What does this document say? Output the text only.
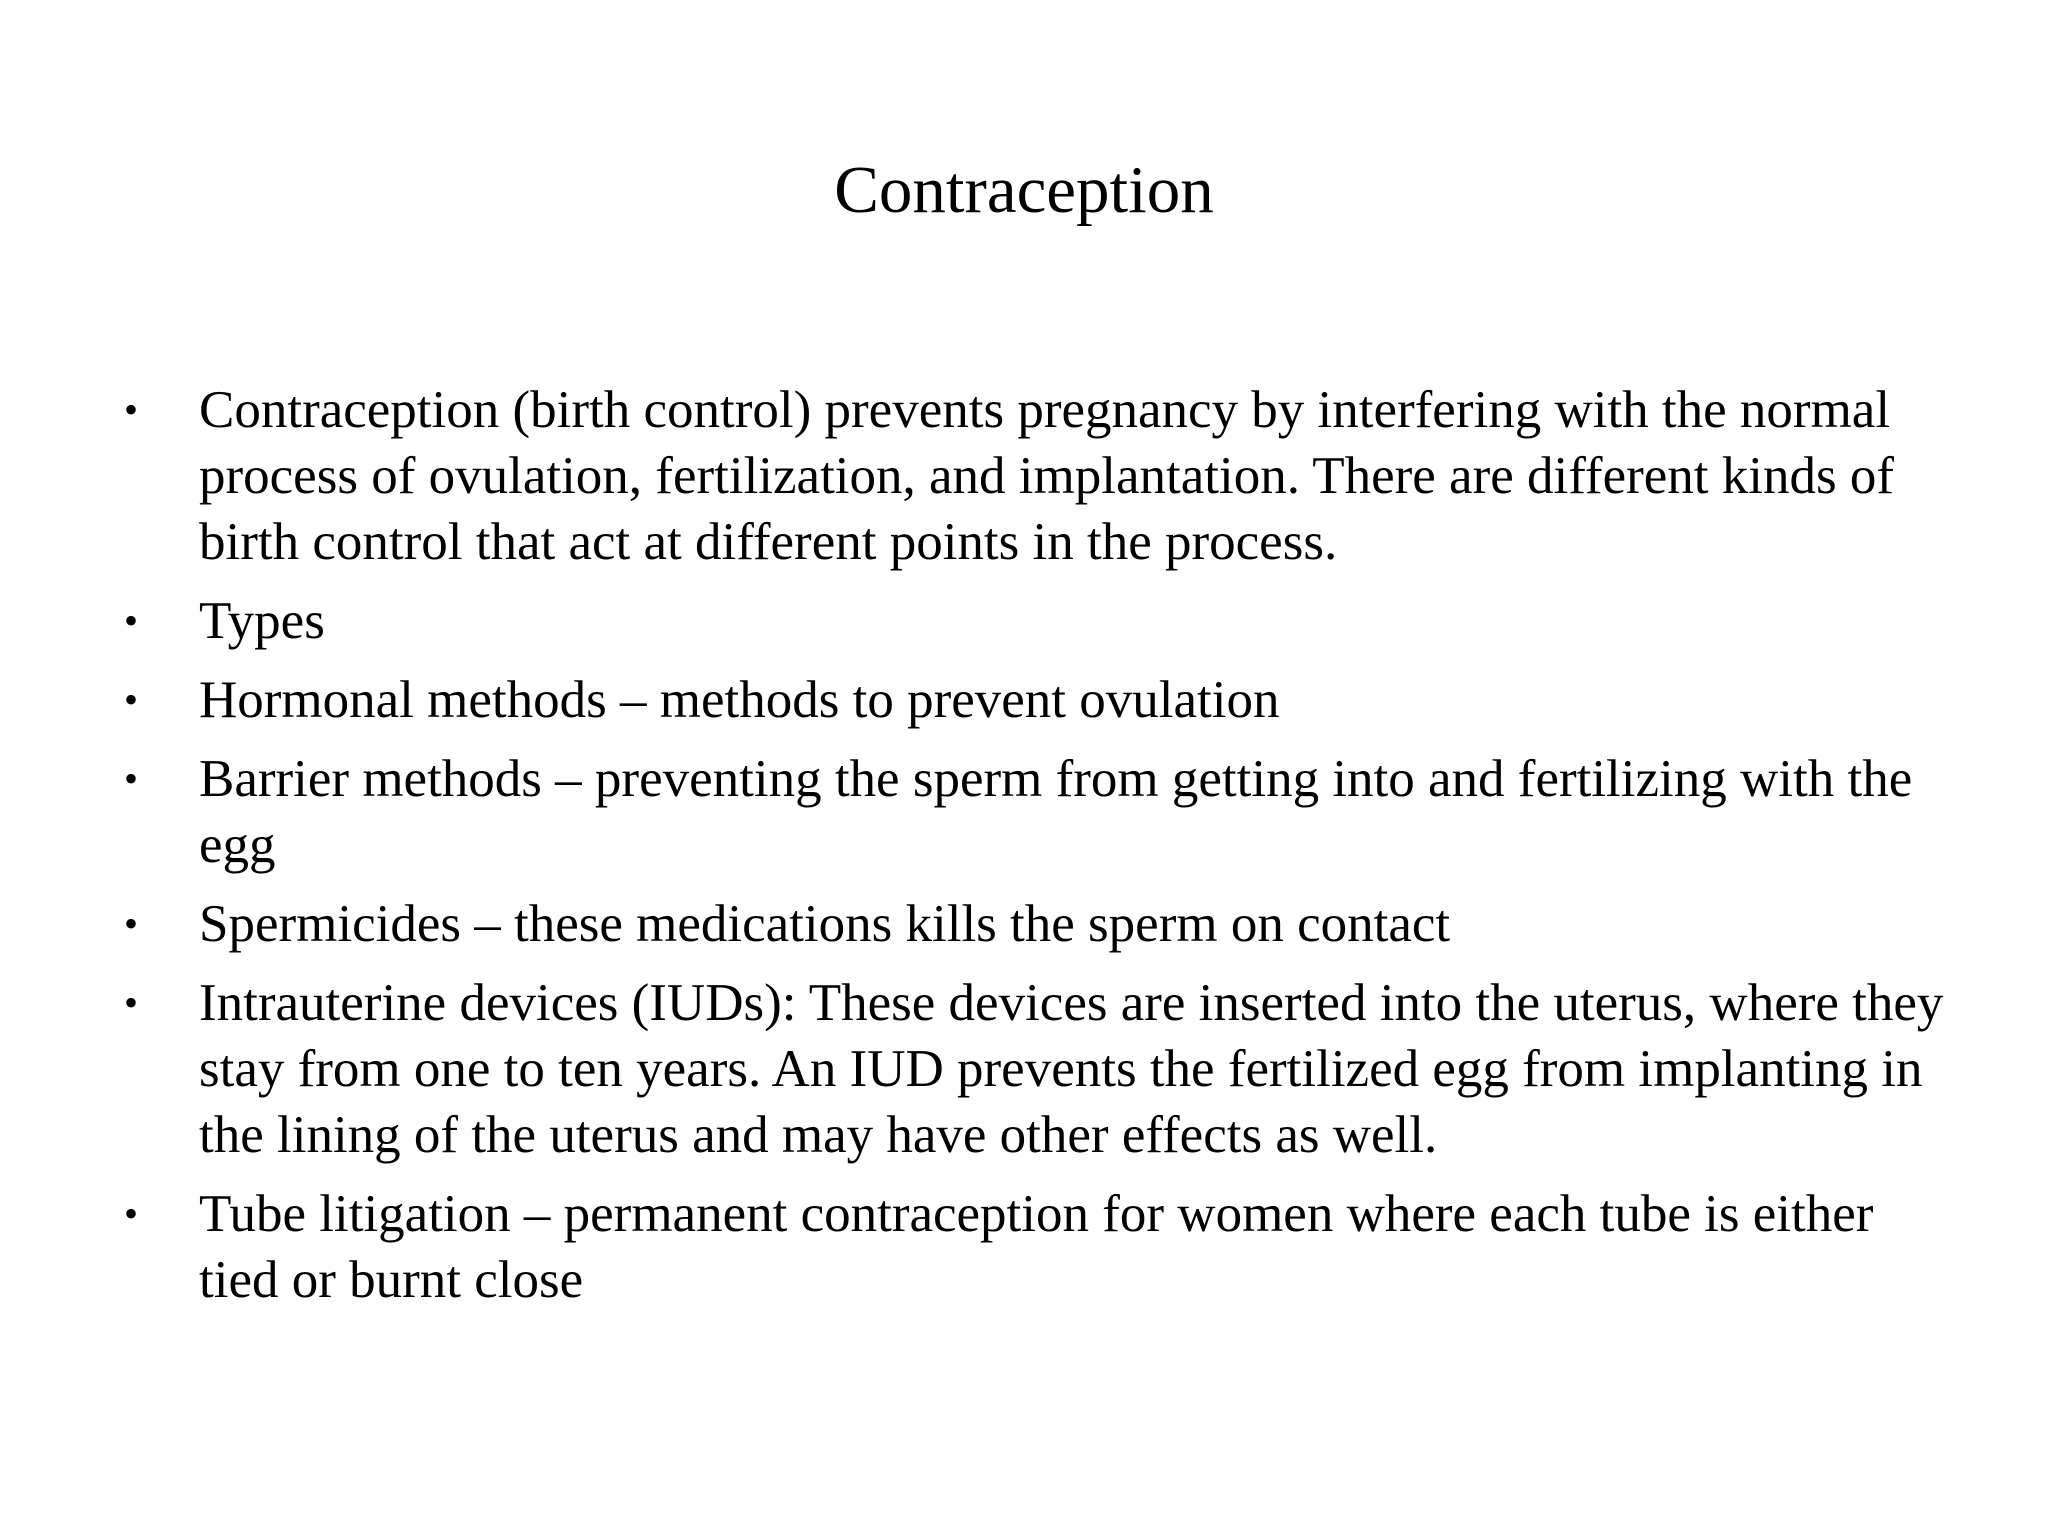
Contraception
• Contraception (birth control) prevents pregnancy by interfering with the normal process of ovulation, fertilization, and implantation. There are different kinds of birth control that act at different points in the process.
• Types
• Hormonal methods – methods to prevent ovulation
• Barrier methods – preventing the sperm from getting into and fertilizing with the egg
• Spermicides – these medications kills the sperm on contact
• Intrauterine devices (IUDs): These devices are inserted into the uterus, where they stay from one to ten years. An IUD prevents the fertilized egg from implanting in the lining of the uterus and may have other effects as well.
• Tube litigation – permanent contraception for women where each tube is either tied or burnt close
